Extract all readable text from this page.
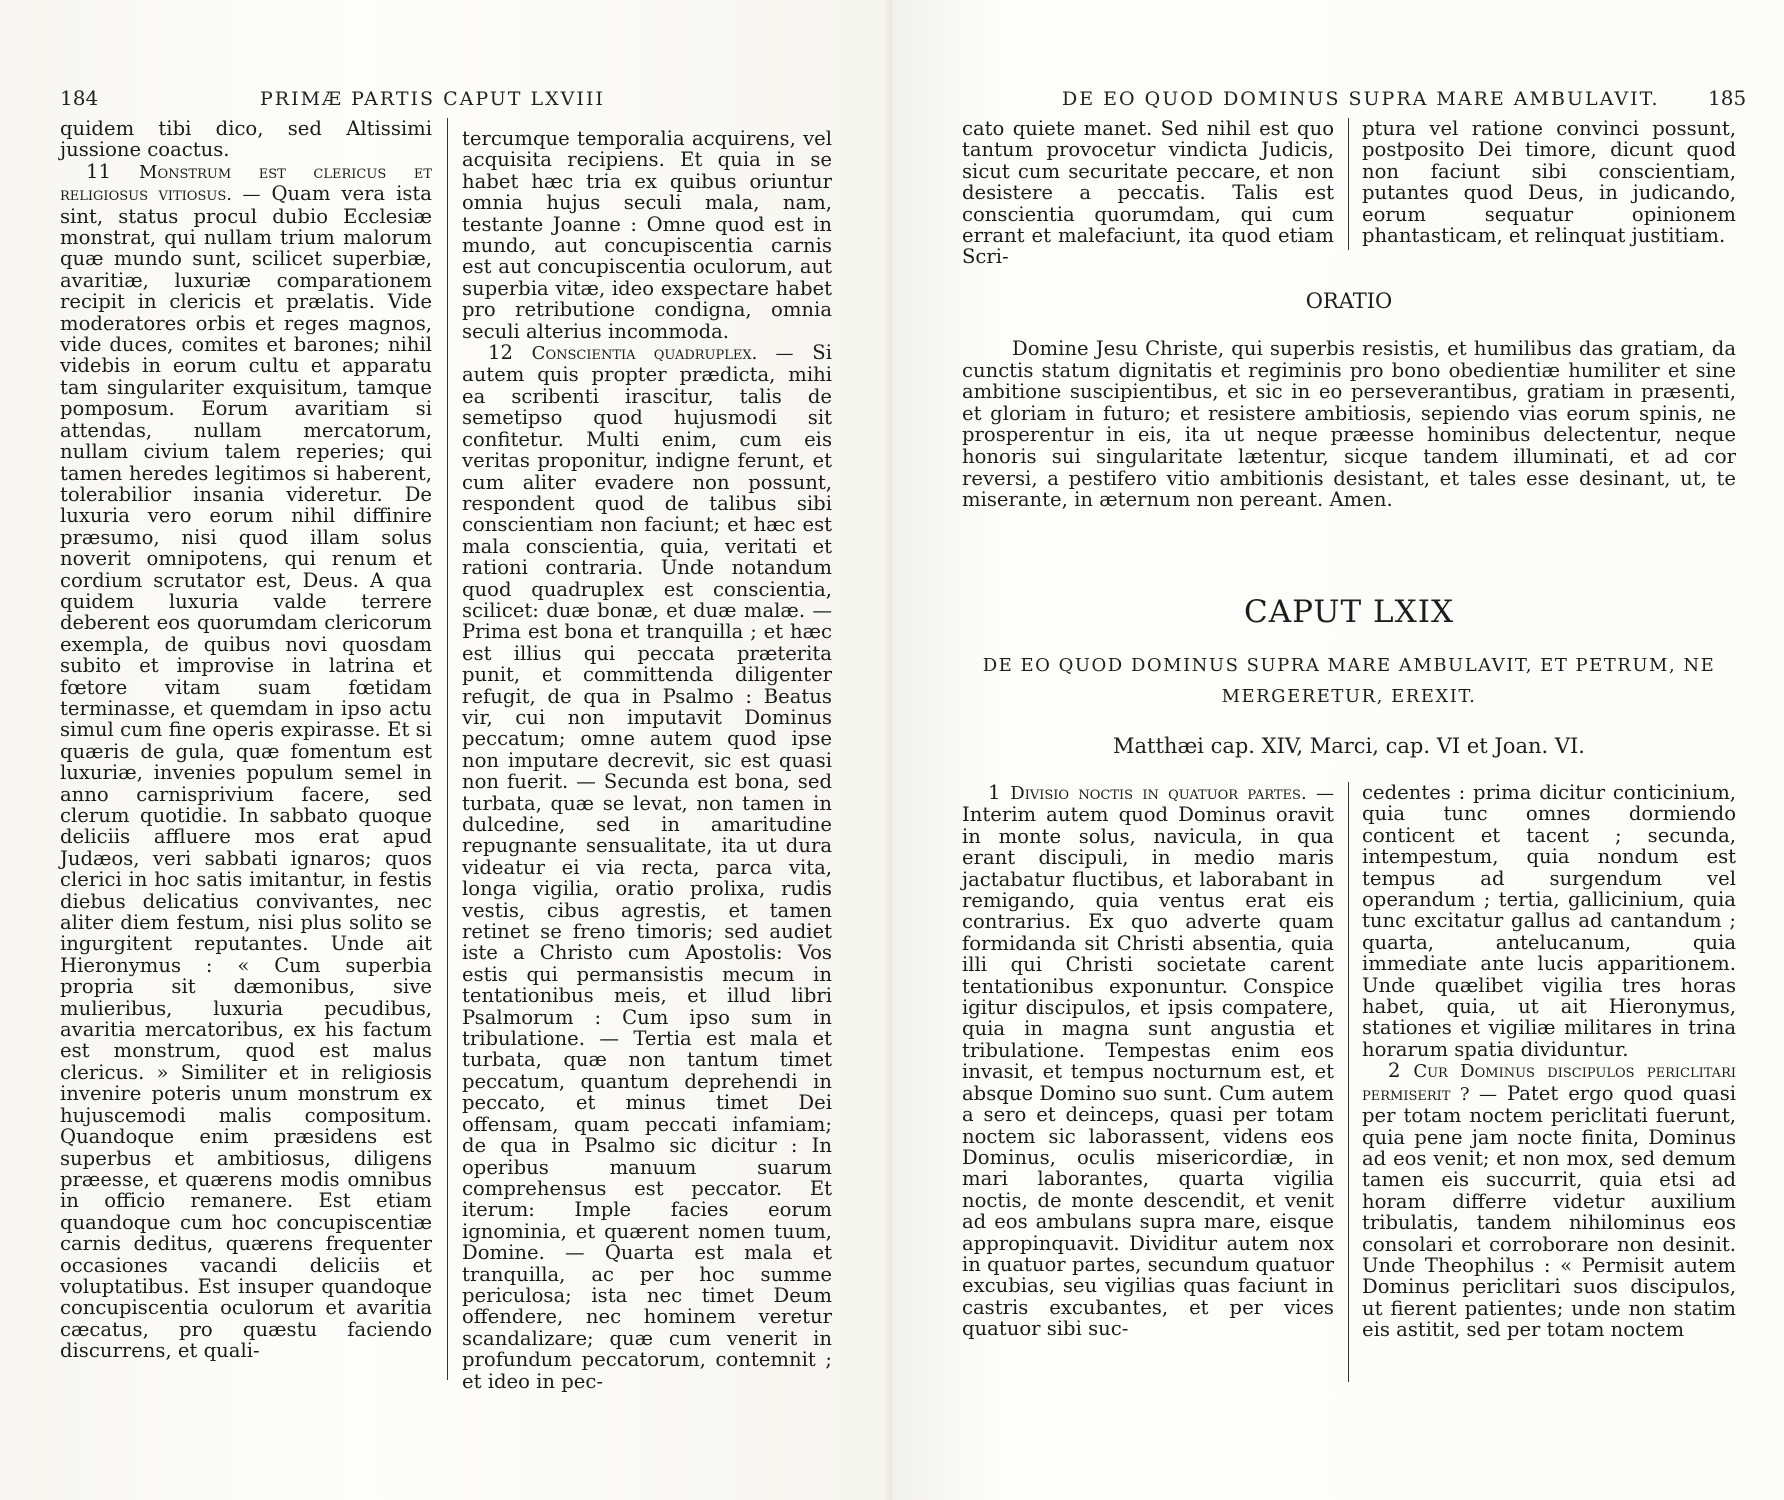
184	PRIMÆ PARTIS CAPUT LXVIII

quidem tibi dico, sed Altissimi jussione coactus.

11 Monstrum est clericus et religiosus vitiosus. — Quam vera ista sint, status procul dubio Ecclesiæ monstrat, qui nullam trium malorum quæ mundo sunt, scilicet superbiæ, avaritiæ, luxuriæ comparationem recipit in clericis et prælatis. Vide moderatores orbis et reges magnos, vide duces, comites et barones; nihil videbis in eorum cultu et apparatu tam singulariter exquisitum, tamque pomposum. Eorum avaritiam si attendas, nullam mercatorum, nullam civium talem reperies; qui tamen heredes legitimos si haberent, tolerabilior insania videretur. De luxuria vero eorum nihil diffinire præsumo, nisi quod illam solus noverit omnipotens, qui renum et cordium scrutator est, Deus. A qua quidem luxuria valde terrere deberent eos quorumdam clericorum exempla, de quibus novi quosdam subito et improvise in latrina et fœtore vitam suam fœtidam terminasse, et quemdam in ipso actu simul cum fine operis expirasse. Et si quæris de gula, quæ fomentum est luxuriæ, invenies populum semel in anno carnisprivium facere, sed clerum quotidie. In sabbato quoque deliciis affluere mos erat apud Judæos, veri sabbati ignaros; quos clerici in hoc satis imitantur, in festis diebus delicatius convivantes, nec aliter diem festum, nisi plus solito se ingurgitent reputantes. Unde ait Hieronymus : « Cum superbia propria sit dæmonibus, sive mulieribus, luxuria pecudibus, avaritia mercatoribus, ex his factum est monstrum, quod est malus clericus. » Similiter et in religiosis invenire poteris unum monstrum ex hujuscemodi malis compositum. Quandoque enim præsidens est superbus et ambitiosus, diligens præesse, et quærens modis omnibus in officio remanere. Est etiam quandoque cum hoc concupiscentiæ carnis deditus, quærens frequenter occasiones vacandi deliciis et voluptatibus. Est insuper quandoque concupiscentia oculorum et avaritia cæcatus, pro quæstu faciendo discurrens, et quali-

tercumque temporalia acquirens, vel acquisita recipiens. Et quia in se habet hæc tria ex quibus oriuntur omnia hujus seculi mala, nam, testante Joanne : Omne quod est in mundo, aut concupiscentia carnis est aut concupiscentia oculorum, aut superbia vitæ, ideo exspectare habet pro retributione condigna, omnia seculi alterius incommoda.

12 Conscientia quadruplex. — Si autem quis propter prædicta, mihi ea scribenti irascitur, talis de semetipso quod hujusmodi sit confitetur. Multi enim, cum eis veritas proponitur, indigne ferunt, et cum aliter evadere non possunt, respondent quod de talibus sibi conscientiam non faciunt; et hæc est mala conscientia, quia, veritati et rationi contraria. Unde notandum quod quadruplex est conscientia, scilicet: duæ bonæ, et duæ malæ. — Prima est bona et tranquilla ; et hæc est illius qui peccata præterita punit, et committenda diligenter refugit, de qua in Psalmo : Beatus vir, cui non imputavit Dominus peccatum; omne autem quod ipse non imputare decrevit, sic est quasi non fuerit. — Secunda est bona, sed turbata, quæ se levat, non tamen in dulcedine, sed in amaritudine repugnante sensualitate, ita ut dura videatur ei via recta, parca vita, longa vigilia, oratio prolixa, rudis vestis, cibus agrestis, et tamen retinet se freno timoris; sed audiet iste a Christo cum Apostolis: Vos estis qui permansistis mecum in tentationibus meis, et illud libri Psalmorum : Cum ipso sum in tribulatione. — Tertia est mala et turbata, quæ non tantum timet peccatum, quantum deprehendi in peccato, et minus timet Dei offensam, quam peccati infamiam; de qua in Psalmo sic dicitur : In operibus manuum suarum comprehensus est peccator. Et iterum: Imple facies eorum ignominia, et quærent nomen tuum, Domine. — Quarta est mala et tranquilla, ac per hoc summe periculosa; ista nec timet Deum offendere, nec hominem veretur scandalizare; quæ cum venerit in profundum peccatorum, contemnit ; et ideo in pec-

DE EO QUOD DOMINUS SUPRA MARE AMBULAVIT. 185

cato quiete manet. Sed nihil est quo tantum provocetur vindicta Judicis, sicut cum securitate peccare, et non desistere a peccatis. Talis est conscientia quorumdam, qui cum errant et malefaciunt, ita quod etiam Scri-

ptura vel ratione convinci possunt, postposito Dei timore, dicunt quod non faciunt sibi conscientiam, putantes quod Deus, in judicando, eorum sequatur opinionem phantasticam, et relinquat justitiam.

ORATIO
Domine Jesu Christe, qui superbis resistis, et humilibus das gratiam, da cunctis statum dignitatis et regiminis pro bono obedientiæ humiliter et sine ambitione suscipientibus, et sic in eo perseverantibus, gratiam in præsenti, et gloriam in futuro; et resistere ambitiosis, sepiendo vias eorum spinis, ne prosperentur in eis, ita ut neque præesse hominibus delectentur, neque honoris sui singularitate lætentur, sicque tandem illuminati, et ad cor reversi, a pestifero vitio ambitionis desistant, et tales esse desinant, ut, te miserante, in æternum non pereant. Amen.
CAPUT LXIX
DE EO QUOD DOMINUS SUPRA MARE AMBULAVIT, ET PETRUM, NE MERGERETUR, EREXIT.
Matthæi cap. XIV, Marci, cap. VI et Joan. VI.

1 Divisio noctis in quatuor partes. — Interim autem quod Dominus oravit in monte solus, navicula, in qua erant discipuli, in medio maris jactabatur fluctibus, et laborabant in remigando, quia ventus erat eis contrarius. Ex quo adverte quam formidanda sit Christi absentia, quia illi qui Christi societate carent tentationibus exponuntur. Conspice igitur discipulos, et ipsis compatere, quia in magna sunt angustia et tribulatione. Tempestas enim eos invasit, et tempus nocturnum est, et absque Domino suo sunt. Cum autem a sero et deinceps, quasi per totam noctem sic laborassent, videns eos Dominus, oculis misericordiæ, in mari laborantes, quarta vigilia noctis, de monte descendit, et venit ad eos ambulans supra mare, eisque appropinquavit. Dividitur autem nox in quatuor partes, secundum quatuor excubias, seu vigilias quas faciunt in castris excubantes, et per vices quatuor sibi suc-

cedentes : prima dicitur conticinium, quia tunc omnes dormiendo conticent et tacent ; secunda, intempestum, quia nondum est tempus ad surgendum vel operandum ; tertia, gallicinium, quia tunc excitatur gallus ad cantandum ; quarta, antelucanum, quia immediate ante lucis apparitionem. Unde quælibet vigilia tres horas habet, quia, ut ait Hieronymus, stationes et vigiliæ militares in trina horarum spatia dividuntur.

2 Cur Dominus discipulos periclitari permiserit ? — Patet ergo quod quasi per totam noctem periclitati fuerunt, quia pene jam nocte finita, Dominus ad eos venit; et non mox, sed demum tamen eis succurrit, quia etsi ad horam differre videtur auxilium tribulatis, tandem nihilominus eos consolari et corroborare non desinit. Unde Theophilus : « Permisit autem Dominus periclitari suos discipulos, ut fierent patientes; unde non statim eis astitit, sed per totam noctem
